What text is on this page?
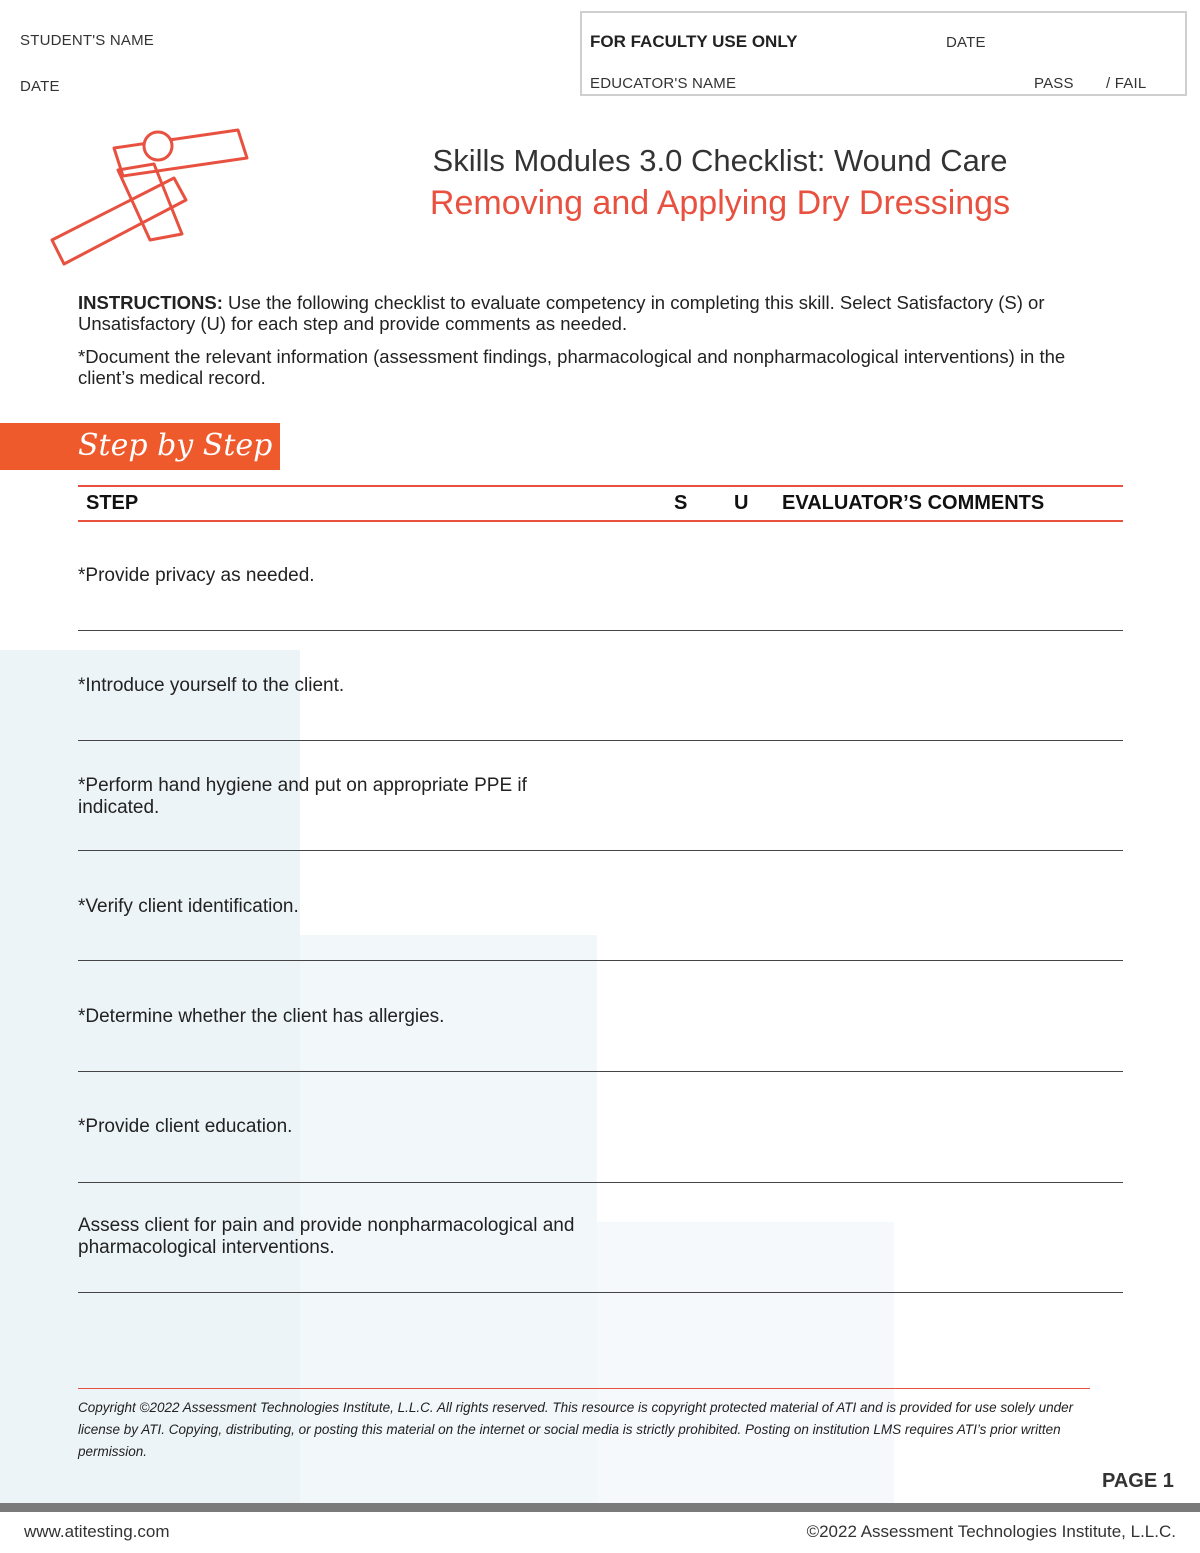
STUDENT'S NAME
DATE
FOR FACULTY USE ONLY	DATE
EDUCATOR'S NAME	PASS / FAIL
Skills Modules 3.0 Checklist: Wound Care
Removing and Applying Dry Dressings

INSTRUCTIONS: Use the following checklist to evaluate competency in completing this skill. Select Satisfactory (S) or Unsatisfactory (U) for each step and provide comments as needed.

*Document the relevant information (assessment findings, pharmacological and nonpharmacological interventions) in the client’s medical record.

Step by Step
STEP	S U EVALUATOR’S COMMENTS
*Provide privacy as needed.
*Introduce yourself to the client.
*Perform hand hygiene and put on appropriate PPE if indicated.
*Verify client identification.
*Determine whether the client has allergies.
*Provide client education.
Assess client for pain and provide nonpharmacological and pharmacological interventions.
Copyright ©2022 Assessment Technologies Institute, L.L.C. All rights reserved. This resource is copyright protected material of ATI and is provided for use solely under license by ATI. Copying, distributing, or posting this material on the internet or social media is strictly prohibited. Posting on institution LMS requires ATI’s prior written permission.
PAGE 1
www.atitesting.com	©2022 Assessment Technologies Institute, L.L.C.
